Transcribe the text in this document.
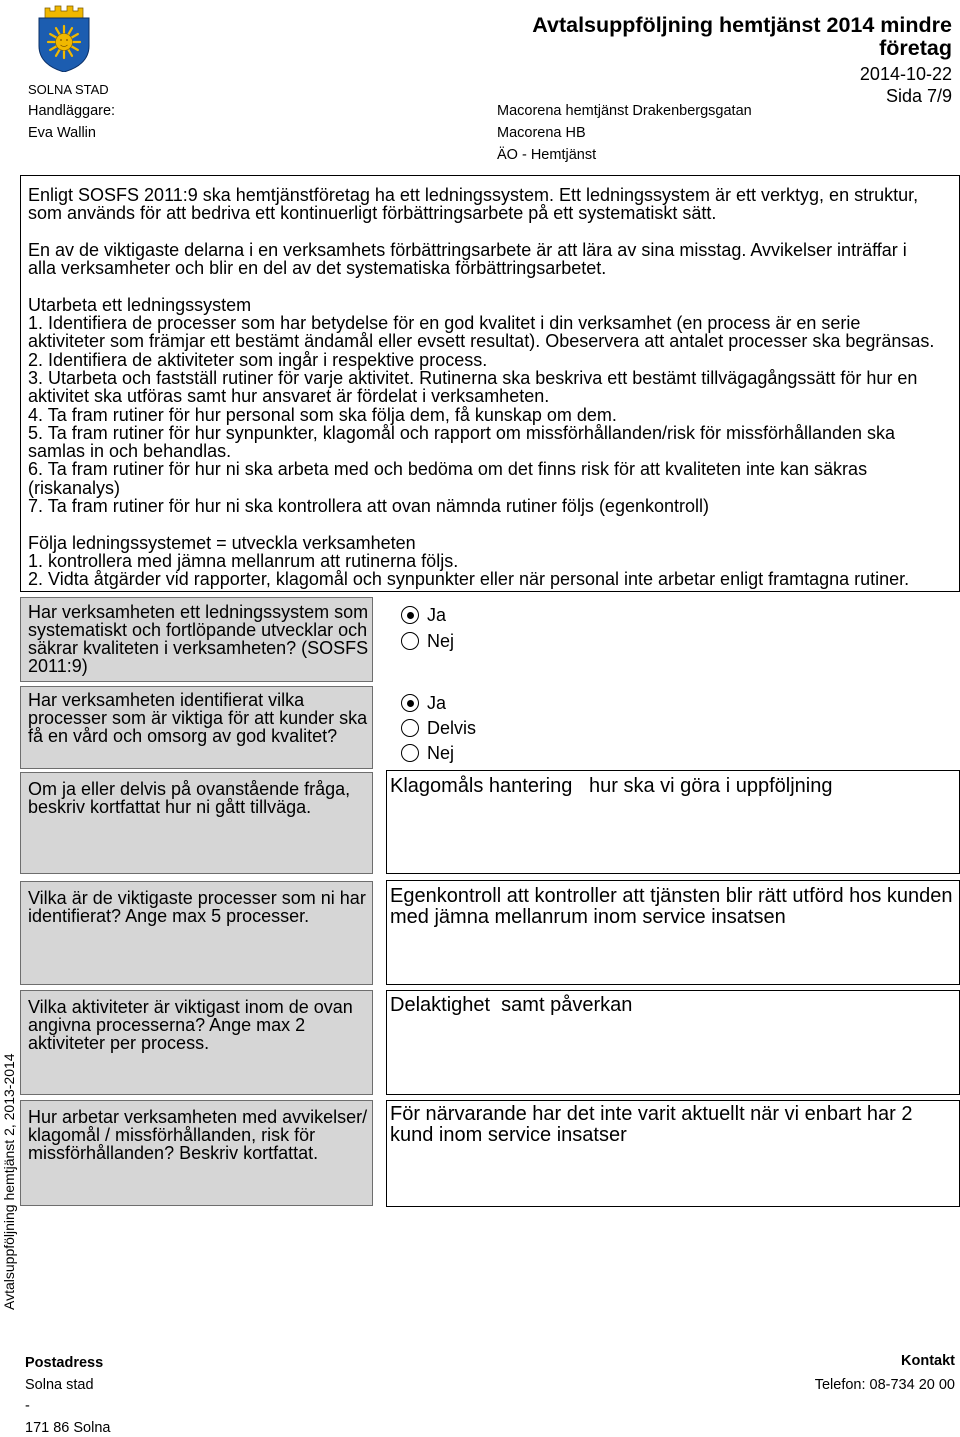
SOLNA STAD
Handläggare:
Eva Wallin
Avtalsuppföljning hemtjänst 2014 mindre företag
2014-10-22
Sida 7/9
Macorena hemtjänst Drakenbergsgatan
Macorena HB
ÄO - Hemtjänst
Enligt SOSFS 2011:9 ska hemtjänstföretag ha ett ledningssystem. Ett ledningssystem är ett verktyg, en struktur,
som används för att bedriva ett kontinuerligt förbättringsarbete på ett systematiskt sätt.
En av de viktigaste delarna i en verksamhets förbättringsarbete är att lära av sina misstag. Avvikelser inträffar i
alla verksamheter och blir en del av det systematiska förbättringsarbetet.
Utarbeta ett ledningssystem
1. Identifiera de processer som har betydelse för en god kvalitet i din verksamhet (en process är en serie
aktiviteter som främjar ett bestämt ändamål eller evsett resultat). Obeservera att antalet processer ska begränsas.
2. Identifiera de aktiviteter som ingår i respektive process.
3. Utarbeta och fastställ rutiner för varje aktivitet. Rutinerna ska beskriva ett bestämt tillvägagångssätt för hur en
aktivitet ska utföras samt hur ansvaret är fördelat i verksamheten.
4. Ta fram rutiner för hur personal som ska följa dem, få kunskap om dem.
5. Ta fram rutiner för hur synpunkter, klagomål och rapport om missförhållanden/risk för missförhållanden ska
samlas in och behandlas.
6. Ta fram rutiner för hur ni ska arbeta med och bedöma om det finns risk för att kvaliteten inte kan säkras
(riskanalys)
7. Ta fram rutiner för hur ni ska kontrollera att ovan nämnda rutiner följs (egenkontroll)
Följa ledningssystemet = utveckla verksamheten
1. kontrollera med jämna mellanrum att rutinerna följs.
2. Vidta åtgärder vid rapporter, klagomål och synpunkter eller när personal inte arbetar enligt framtagna rutiner.
Har verksamheten ett ledningssystem som
systematiskt och fortlöpande utvecklar och
säkrar kvaliteten i verksamheten? (SOSFS
2011:9)
Ja
Nej
Har verksamheten identifierat vilka
processer som är viktiga för att kunder ska
få en vård och omsorg av god kvalitet?
Ja
Delvis
Nej
Om ja eller delvis på ovanstående fråga,
beskriv kortfattat hur ni gått tillväga.
Klagomåls hantering   hur ska vi göra i uppföljning
Vilka är de viktigaste processer som ni har
identifierat? Ange max 5 processer.
Egenkontroll att kontroller att tjänsten blir rätt utförd hos kunden
med jämna mellanrum inom service insatsen
Vilka aktiviteter är viktigast inom de ovan
angivna processerna? Ange max 2
aktiviteter per process.
Delaktighet  samt påverkan
Hur arbetar verksamheten med avvikelser/
klagomål / missförhållanden, risk för
missförhållanden? Beskriv kortfattat.
För närvarande har det inte varit aktuellt när vi enbart har 2
kund inom service insatser
Avtalsuppföljning hemtjänst 2, 2013-2014
Postadress
Solna stad
-
171 86 Solna
Kontakt
Telefon: 08-734 20 00
